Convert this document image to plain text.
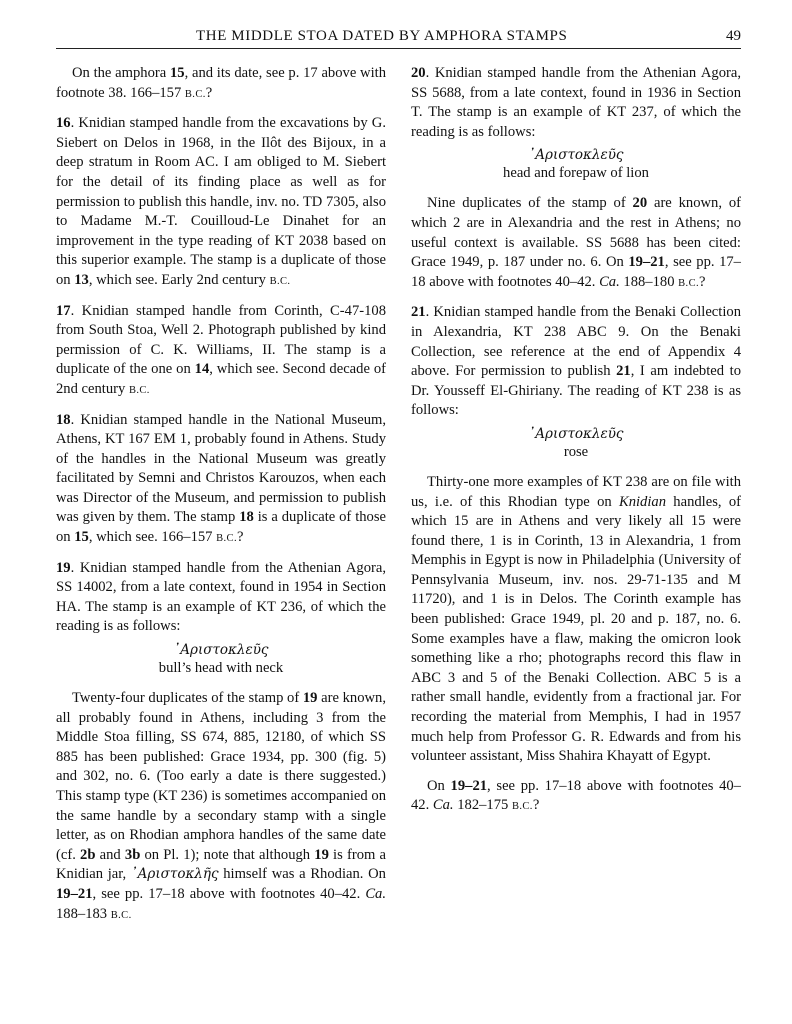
THE MIDDLE STOA DATED BY AMPHORA STAMPS	49

On the amphora 15, and its date, see p. 17 above with footnote 38. 166–157 B.C.?

16. Knidian stamped handle from the excavations by G. Siebert on Delos in 1968, in the Ilôt des Bijoux, in a deep stratum in Room AC. I am obliged to M. Siebert for the detail of its finding place as well as for permission to publish this handle, inv. no. TD 7305, also to Madame M.-T. Couilloud-Le Dinahet for an improvement in the type reading of KT 2038 based on this superior example. The stamp is a duplicate of those on 13, which see. Early 2nd century B.C.

17. Knidian stamped handle from Corinth, C-47-108 from South Stoa, Well 2. Photograph published by kind permission of C. K. Williams, II. The stamp is a duplicate of the one on 14, which see. Second decade of 2nd century B.C.

18. Knidian stamped handle in the National Museum, Athens, KT 167 EM 1, probably found in Athens. Study of the handles in the National Museum was greatly facilitated by Semni and Christos Karouzos, when each was Director of the Museum, and permission to publish was given by them. The stamp 18 is a duplicate of those on 15, which see. 166–157 B.C.?

19. Knidian stamped handle from the Athenian Agora, SS 14002, from a late context, found in 1954 in Section HA. The stamp is an example of KT 236, of which the reading is as follows:

᾽Αριστοκλεῦς
bull’s head with neck

Twenty-four duplicates of the stamp of 19 are known, all probably found in Athens, including 3 from the Middle Stoa filling, SS 674, 885, 12180, of which SS 885 has been published: Grace 1934, pp. 300 (fig. 5) and 302, no. 6. (Too early a date is there suggested.) This stamp type (KT 236) is sometimes accompanied on the same handle by a secondary stamp with a single letter, as on Rhodian amphora handles of the same date (cf. 2b and 3b on Pl. 1); note that although 19 is from a Knidian jar, ᾽Αριστοκλῆς himself was a Rhodian. On 19–21, see pp. 17–18 above with footnotes 40–42. Ca. 188–183 B.C.

20. Knidian stamped handle from the Athenian Agora, SS 5688, from a late context, found in 1936 in Section T. The stamp is an example of KT 237, of which the reading is as follows:

᾽Αριστοκλεῦς
head and forepaw of lion

Nine duplicates of the stamp of 20 are known, of which 2 are in Alexandria and the rest in Athens; no useful context is available. SS 5688 has been cited: Grace 1949, p. 187 under no. 6. On 19–21, see pp. 17–18 above with footnotes 40–42. Ca. 188–180 B.C.?

21. Knidian stamped handle from the Benaki Collection in Alexandria, KT 238 ABC 9. On the Benaki Collection, see reference at the end of Appendix 4 above. For permission to publish 21, I am indebted to Dr. Yousseff El-Ghiriany. The reading of KT 238 is as follows:

᾽Αριστοκλεῦς
rose

Thirty-one more examples of KT 238 are on file with us, i.e. of this Rhodian type on Knidian handles, of which 15 are in Athens and very likely all 15 were found there, 1 is in Corinth, 13 in Alexandria, 1 from Memphis in Egypt is now in Philadelphia (University of Pennsylvania Museum, inv. nos. 29-71-135 and M 11720), and 1 is in Delos. The Corinth example has been published: Grace 1949, pl. 20 and p. 187, no. 6. Some examples have a flaw, making the omicron look something like a rho; photographs record this flaw in ABC 3 and 5 of the Benaki Collection. ABC 5 is a rather small handle, evidently from a fractional jar. For recording the material from Memphis, I had in 1957 much help from Professor G. R. Edwards and from his volunteer assistant, Miss Shahira Khayatt of Egypt.

On 19–21, see pp. 17–18 above with footnotes 40–42. Ca. 182–175 B.C.?
